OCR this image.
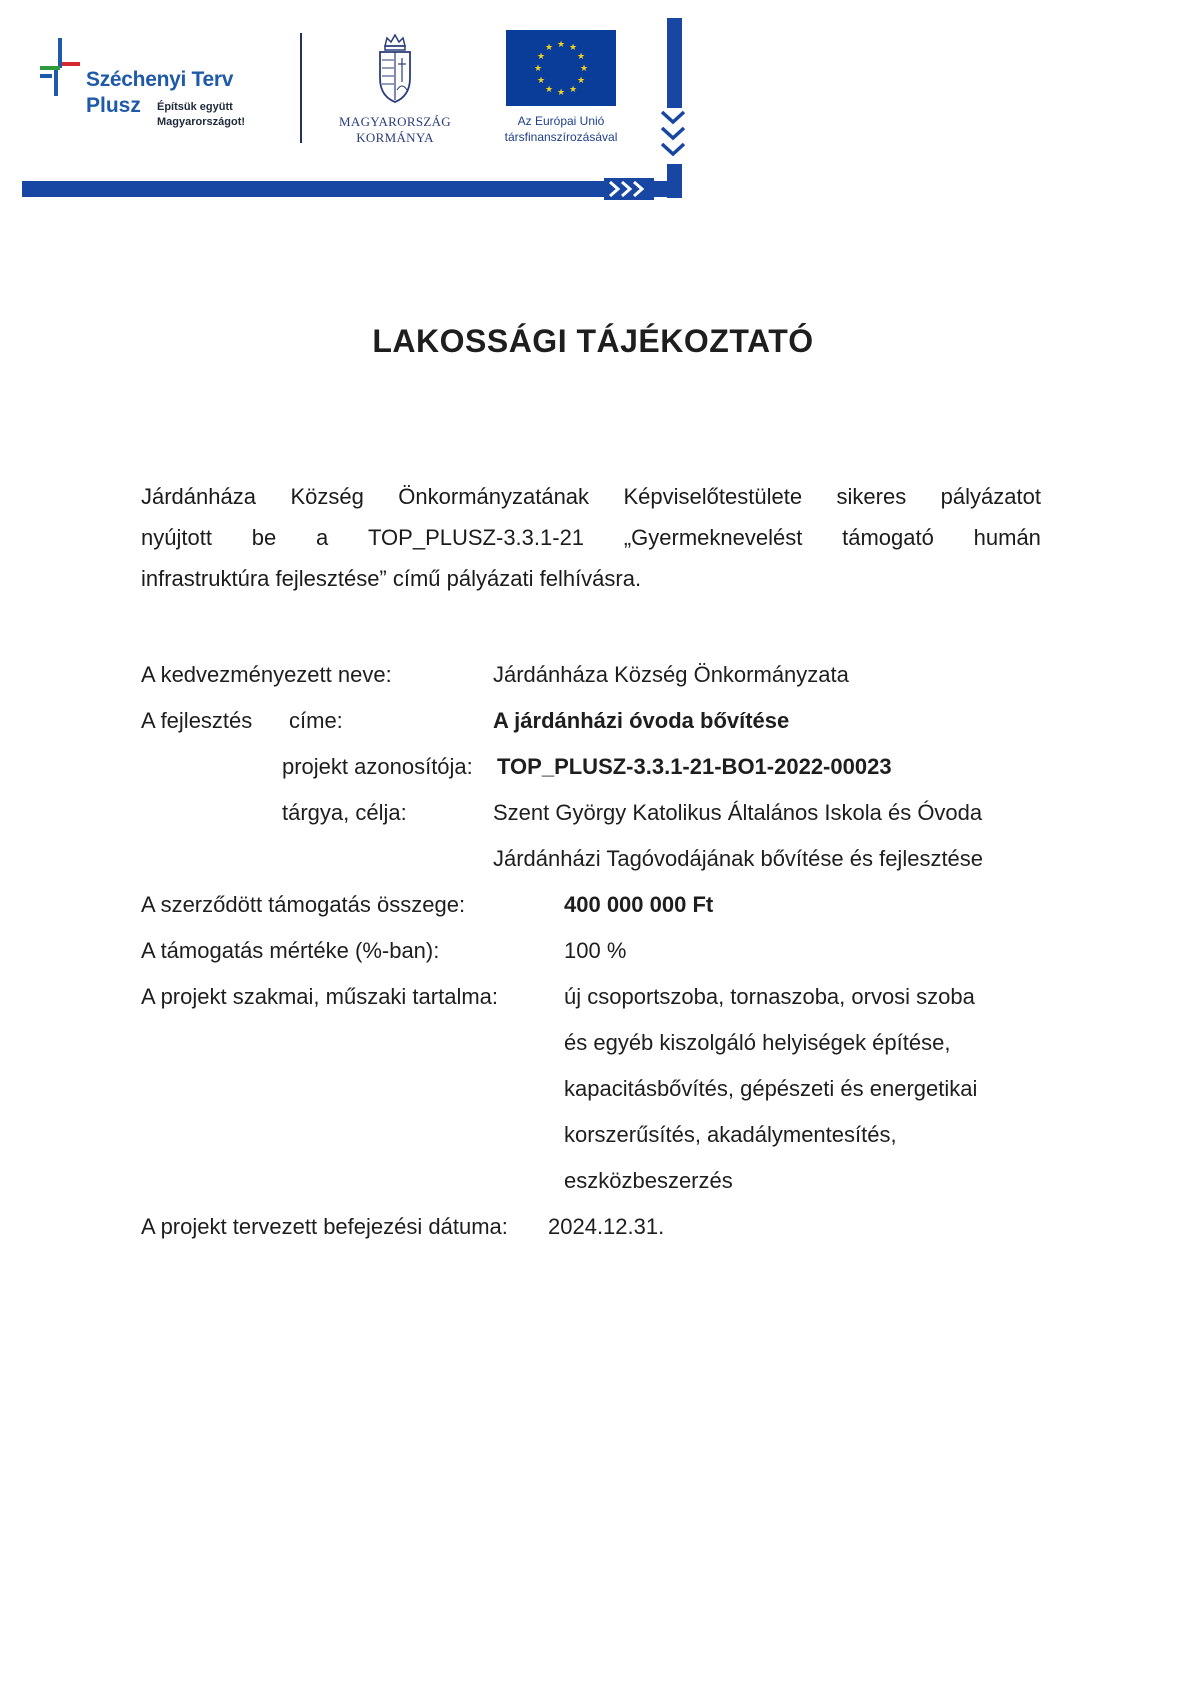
Széchenyi Terv
Plusz Építsük együtt
Magyarországot!	MAGYARORSZÁG
KORMÁNYA
★ ★
★
★
★
★
★
★
★
★
★
★
Az Európai Unió
társfinanszírozásával
LAKOSSÁGI TÁJÉKOZTATÓ
Járdánháza Község Önkormányzatának Képviselőtestülete sikeres pályázatot
nyújtott be a TOP_PLUSZ-3.3.1-21 „Gyermeknevelést támogató humán
infrastruktúra fejlesztése” című pályázati felhívásra.
A kedvezményezett neve:	Járdánháza Község Önkormányzata
A fejlesztés címe:	A járdánházi óvoda bővítése
projekt azonosítója: TOP_PLUSZ-3.3.1-21-BO1-2022-00023
tárgya, célja:	Szent György Katolikus Általános Iskola és Óvoda
Járdánházi Tagóvodájának bővítése és fejlesztése
A szerződött támogatás összege:	400 000 000 Ft
A támogatás mértéke (%-ban):	100 %
A projekt szakmai, műszaki tartalma:	új csoportszoba, tornaszoba, orvosi szoba
és egyéb kiszolgáló helyiségek építése,
kapacitásbővítés, gépészeti és energetikai
korszerűsítés, akadálymentesítés,
eszközbeszerzés
A projekt tervezett befejezési dátuma: 2024.12.31.
